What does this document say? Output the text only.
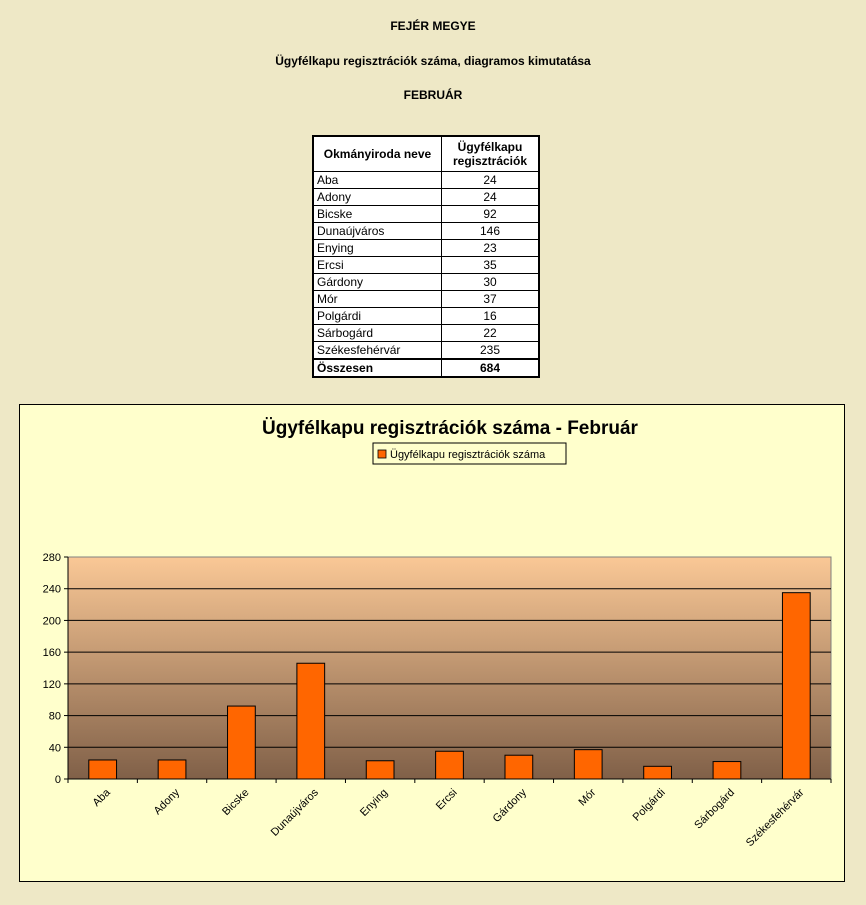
FEJÉR MEGYE
Ügyfélkapu regisztrációk száma, diagramos kimutatása
FEBRUÁR
Okmányiroda neve	Ügyfélkapu
regisztrációk
Aba	24
Adony	24
Bicske	92
Dunaújváros	146
Enying	23
Ercsi	35
Gárdony	30
Mór	37
Polgárdi	16
Sárbogárd	22
Székesfehérvár	235
Összesen	684
Ügyfélkapu regisztrációk száma - Február
Ügyfélkapu regisztrációk száma
0
40
80
120
160
200
240
280
Aba	Adony	Bicske Dunaújváros	Enying	Ercsi	Gárdony	Mór	Polgárdi Sárbogárd Székesfehérvár
